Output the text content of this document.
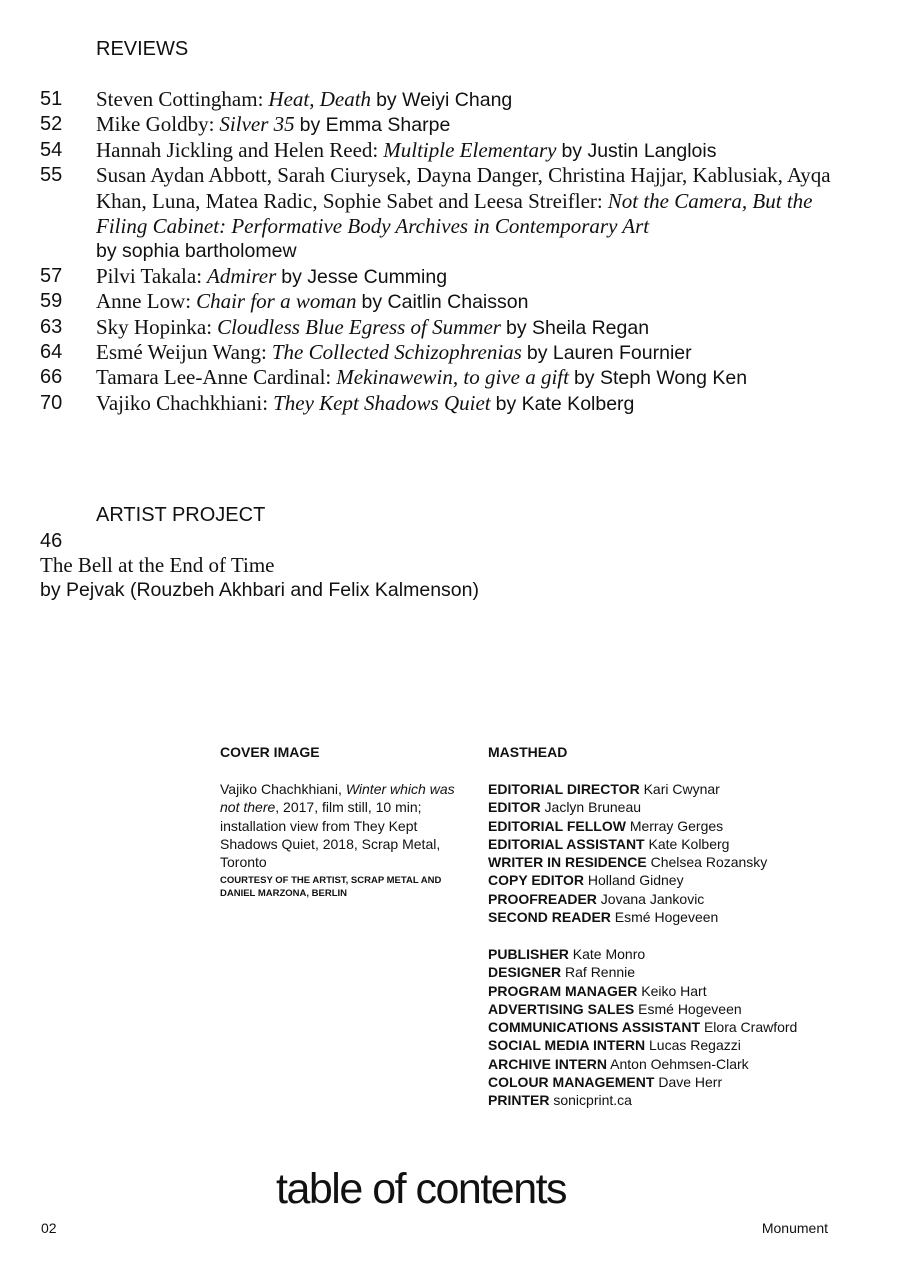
REVIEWS
51	Steven Cottingham: Heat, Death by Weiyi Chang
52	Mike Goldby: Silver 35 by Emma Sharpe
54	Hannah Jickling and Helen Reed: Multiple Elementary by Justin Langlois
55	Susan Aydan Abbott, Sarah Ciurysek, Dayna Danger, Christina Hajjar, Kablusiak, Ayqa Khan, Luna, Matea Radic, Sophie Sabet and Leesa Streifler: Not the Camera, But the Filing Cabinet: Performative Body Archives in Contemporary Art
by sophia bartholomew
57	Pilvi Takala: Admirer by Jesse Cumming
59	Anne Low: Chair for a woman by Caitlin Chaisson
63	Sky Hopinka: Cloudless Blue Egress of Summer by Sheila Regan
64	Esmé Weijun Wang: The Collected Schizophrenias by Lauren Fournier
66	Tamara Lee-Anne Cardinal: Mekinawewin, to give a gift by Steph Wong Ken
70	Vajiko Chachkhiani: They Kept Shadows Quiet by Kate Kolberg
ARTIST PROJECT
46
The Bell at the End of Time
by Pejvak (Rouzbeh Akhbari and Felix Kalmenson)
COVER IMAGE
Vajiko Chachkhiani, Winter which was not there, 2017, film still, 10 min; installation view from They Kept Shadows Quiet, 2018, Scrap Metal, Toronto
COURTESY OF THE ARTIST, SCRAP METAL AND DANIEL MARZONA, BERLIN
MASTHEAD
EDITORIAL DIRECTOR Kari Cwynar
EDITOR Jaclyn Bruneau
EDITORIAL FELLOW Merray Gerges
EDITORIAL ASSISTANT Kate Kolberg
WRITER IN RESIDENCE Chelsea Rozansky
COPY EDITOR Holland Gidney
PROOFREADER Jovana Jankovic
SECOND READER Esmé Hogeveen
PUBLISHER Kate Monro
DESIGNER Raf Rennie
PROGRAM MANAGER Keiko Hart
ADVERTISING SALES Esmé Hogeveen
COMMUNICATIONS ASSISTANT Elora Crawford
SOCIAL MEDIA INTERN Lucas Regazzi
ARCHIVE INTERN Anton Oehmsen-Clark
COLOUR MANAGEMENT Dave Herr
PRINTER sonicprint.ca
table of contents
02	Monument
